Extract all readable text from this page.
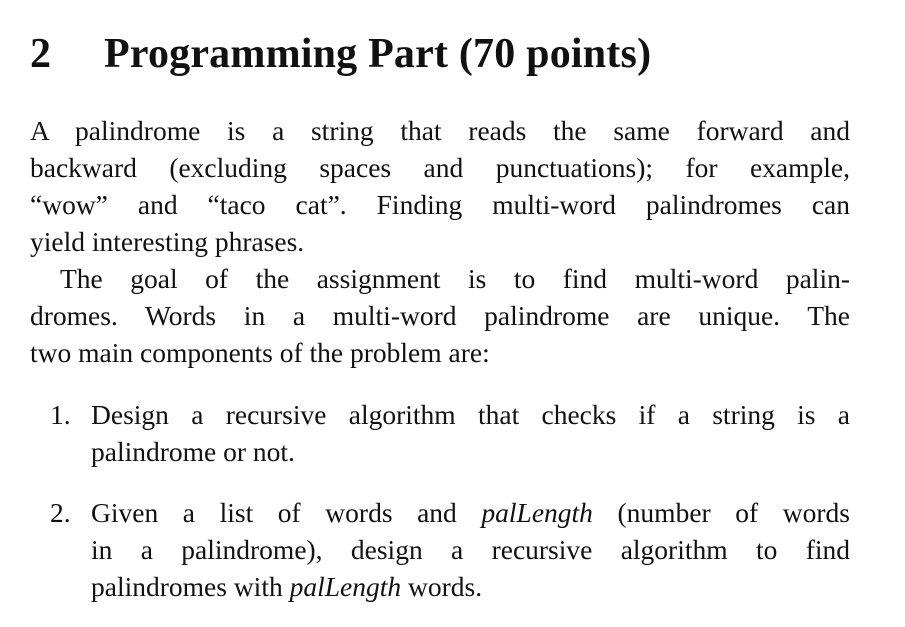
2 Programming Part (70 points)
A palindrome is a string that reads the same forward and
backward (excluding spaces and punctuations); for example,
“wow” and “taco cat”. Finding multi-word palindromes can
yield interesting phrases.
The goal of the assignment is to find multi-word palin-
dromes. Words in a multi-word palindrome are unique. The
two main components of the problem are:
1. Design a recursive algorithm that checks if a string is a
palindrome or not.
2. Given a list of words and palLength (number of words
in a palindrome), design a recursive algorithm to find
palindromes with palLength words.
